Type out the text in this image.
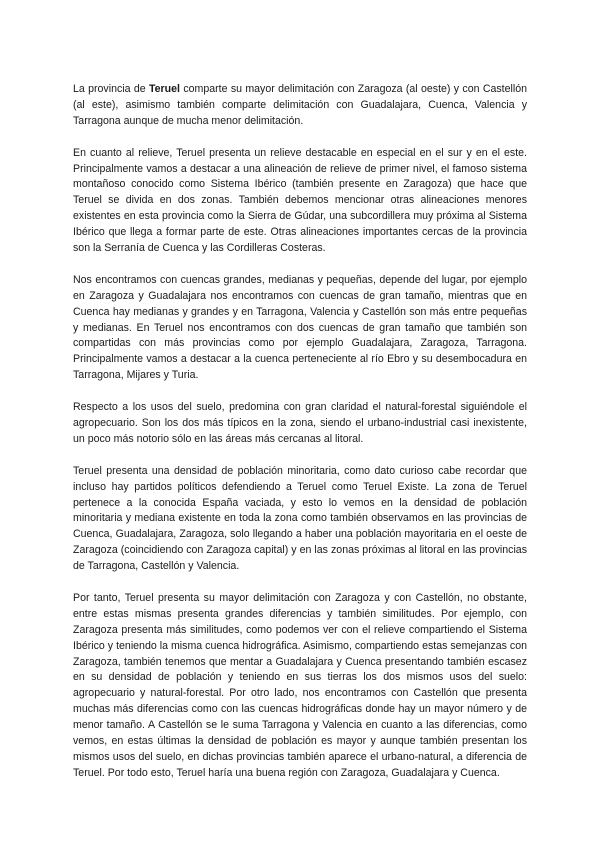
La provincia de Teruel comparte su mayor delimitación con Zaragoza (al oeste) y con Castellón (al este), asimismo también comparte delimitación con Guadalajara, Cuenca, Valencia y Tarragona aunque de mucha menor delimitación.

En cuanto al relieve, Teruel presenta un relieve destacable en especial en el sur y en el este. Principalmente vamos a destacar a una alineación de relieve de primer nivel, el famoso sistema montañoso conocido como Sistema Ibérico (también presente en Zaragoza) que hace que Teruel se divida en dos zonas. También debemos mencionar otras alineaciones menores existentes en esta provincia como la Sierra de Gúdar, una subcordillera muy próxima al Sistema Ibérico que llega a formar parte de este. Otras alineaciones importantes cercas de la provincia son la Serranía de Cuenca y las Cordilleras Costeras.

Nos encontramos con cuencas grandes, medianas y pequeñas, depende del lugar, por ejemplo en Zaragoza y Guadalajara nos encontramos con cuencas de gran tamaño, mientras que en Cuenca hay medianas y grandes y en Tarragona, Valencia y Castellón son más entre pequeñas y medianas. En Teruel nos encontramos con dos cuencas de gran tamaño que también son compartidas con más provincias como por ejemplo Guadalajara, Zaragoza, Tarragona. Principalmente vamos a destacar a la cuenca perteneciente al río Ebro y su desembocadura en Tarragona, Mijares y Turia.

Respecto a los usos del suelo, predomina con gran claridad el natural-forestal siguiéndole el agropecuario. Son los dos más típicos en la zona, siendo el urbano-industrial casi inexistente, un poco más notorio sólo en las áreas más cercanas al litoral.

Teruel presenta una densidad de población minoritaria, como dato curioso cabe recordar que incluso hay partidos políticos defendiendo a Teruel como Teruel Existe. La zona de Teruel pertenece a la conocida España vaciada, y esto lo vemos en la densidad de población minoritaria y mediana existente en toda la zona como también observamos en las provincias de Cuenca, Guadalajara, Zaragoza, solo llegando a haber una población mayoritaria en el oeste de Zaragoza (coincidiendo con Zaragoza capital) y en las zonas próximas al litoral en las provincias de Tarragona, Castellón y Valencia.

Por tanto, Teruel presenta su mayor delimitación con Zaragoza y con Castellón, no obstante, entre estas mismas presenta grandes diferencias y también similitudes. Por ejemplo, con Zaragoza presenta más similitudes, como podemos ver con el relieve compartiendo el Sistema Ibérico y teniendo la misma cuenca hidrográfica. Asimismo, compartiendo estas semejanzas con Zaragoza, también tenemos que mentar a Guadalajara y Cuenca presentando también escasez en su densidad de población y teniendo en sus tierras los dos mismos usos del suelo: agropecuario y natural-forestal. Por otro lado, nos encontramos con Castellón que presenta muchas más diferencias como con las cuencas hidrográficas donde hay un mayor número y de menor tamaño. A Castellón se le suma Tarragona y Valencia en cuanto a las diferencias, como vemos, en estas últimas la densidad de población es mayor y aunque también presentan los mismos usos del suelo, en dichas provincias también aparece el urbano-natural, a diferencia de Teruel. Por todo esto, Teruel haría una buena región con Zaragoza, Guadalajara y Cuenca.
